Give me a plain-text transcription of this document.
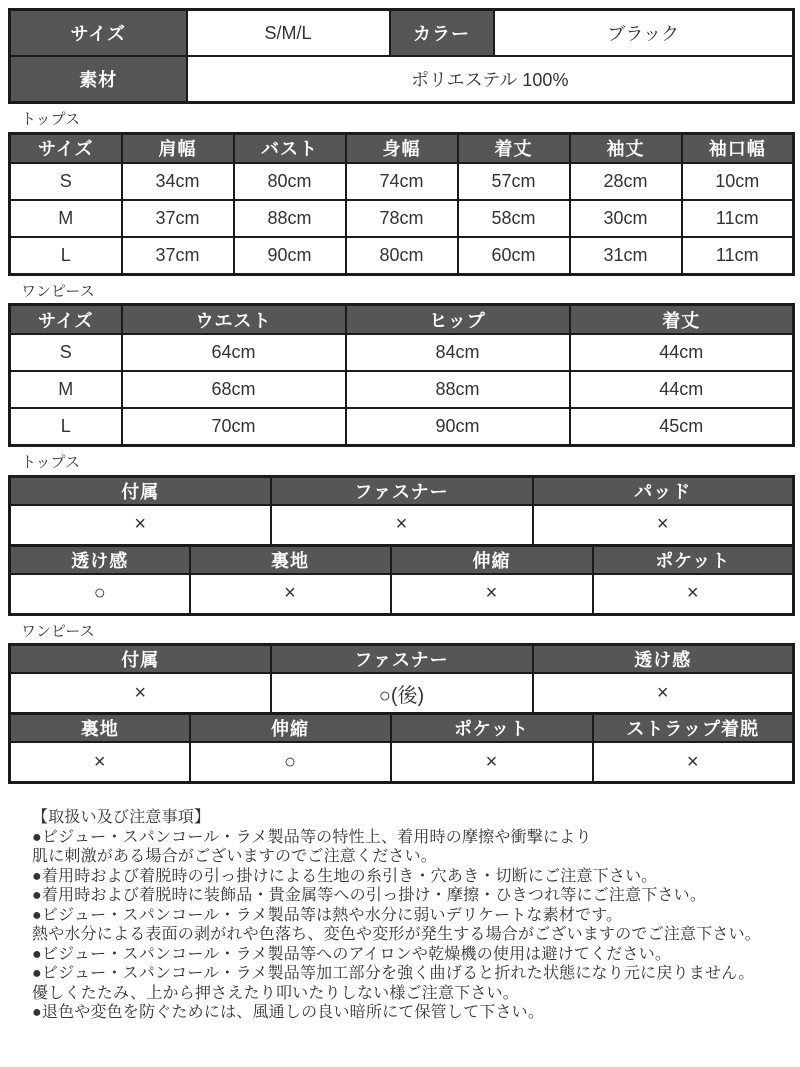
サイズ	S/M/L	カラー	ブラック
素材	ポリエステル 100%		
トップス
サイズ	肩幅	バスト	身幅	着丈	袖丈	袖口幅
S	34cm	80cm	74cm	57cm	28cm	10cm
M	37cm	88cm	78cm	58cm	30cm	11cm
L	37cm	90cm	80cm	60cm	31cm	11cm
ワンピース
サイズ	ウエスト	ヒップ	着丈
S	64cm	84cm	44cm
M	68cm	88cm	44cm
L	70cm	90cm	45cm
トップス
付属	ファスナー	パッド
×	×	×
透け感	裏地	伸縮	ポケット
○	×	×	×
ワンピース
付属	ファスナー	透け感
×	○(後)	×
裏地	伸縮	ポケット	ストラップ着脱
×	○	×	×
【取扱い及び注意事項】
●ビジュー・スパンコール・ラメ製品等の特性上、着用時の摩擦や衝撃により
肌に刺激がある場合がございますのでご注意ください。
●着用時および着脱時の引っ掛けによる生地の糸引き・穴あき・切断にご注意下さい。
●着用時および着脱時に装飾品・貴金属等への引っ掛け・摩擦・ひきつれ等にご注意下さい。
●ビジュー・スパンコール・ラメ製品等は熱や水分に弱いデリケートな素材です。
熱や水分による表面の剥がれや色落ち、変色や変形が発生する場合がございますのでご注意下さい。
●ビジュー・スパンコール・ラメ製品等へのアイロンや乾燥機の使用は避けてください。
●ビジュー・スパンコール・ラメ製品等加工部分を強く曲げると折れた状態になり元に戻りません。
優しくたたみ、上から押さえたり叩いたりしない様ご注意下さい。
●退色や変色を防ぐためには、風通しの良い暗所にて保管して下さい。
